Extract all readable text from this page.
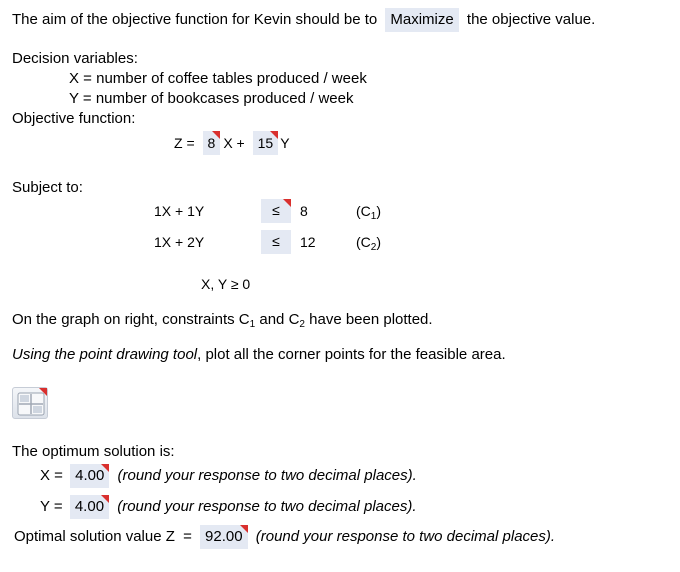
The aim of the objective function for Kevin should be to Maximize the objective value.
Decision variables:
X = number of coffee tables produced / week
Y = number of bookcases produced / week
Objective function:
Z = 8 X + 15 Y
Subject to:
1X + 1Y	≤	8	$(C_1)$
1X + 2Y	≤	12	$(C_2)$
X, Y ≥ 0
On the graph on right, constraints $C_1$ and $C_2$ have been plotted.
Using the point drawing tool, plot all the corner points for the feasible area.
The optimum solution is:
X = 4.00 (round your response to two decimal places).
Y = 4.00 (round your response to two decimal places).
Optimal solution value Z = 92.00 (round your response to two decimal places).
